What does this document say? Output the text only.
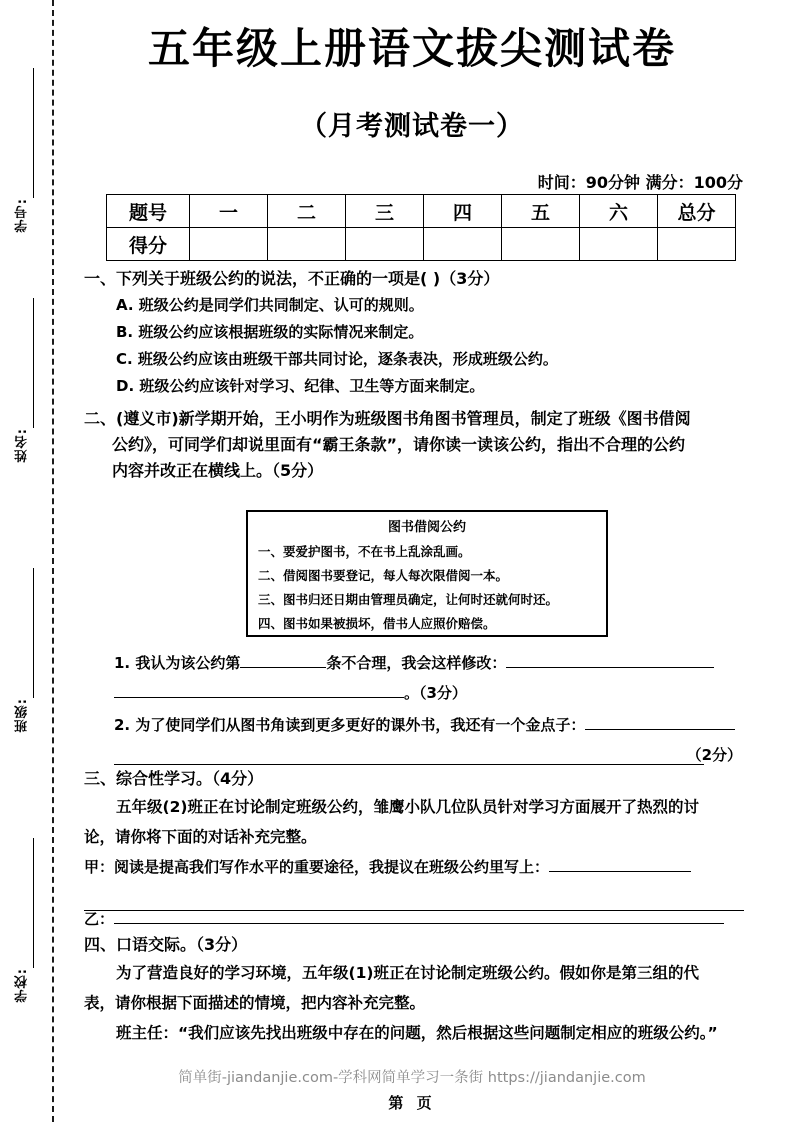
学号:
姓名:
班级:
学校:
五年级上册语文拔尖测试卷
（月考测试卷一）
时间：90分钟 满分：100分
题号	一	二	三	四	五	六	总分
得分							
一、下列关于班级公约的说法，不正确的一项是( )（3分）
A. 班级公约是同学们共同制定、认可的规则。
B. 班级公约应该根据班级的实际情况来制定。
C. 班级公约应该由班级干部共同讨论，逐条表决，形成班级公约。
D. 班级公约应该针对学习、纪律、卫生等方面来制定。
二、(遵义市)新学期开始，王小明作为班级图书角图书管理员，制定了班级《图书借阅
公约》，可同学们却说里面有“霸王条款”，请你读一读该公约，指出不合理的公约
内容并改正在横线上。（5分）
图书借阅公约
一、要爱护图书，不在书上乱涂乱画。
二、借阅图书要登记，每人每次限借阅一本。
三、图书归还日期由管理员确定，让何时还就何时还。
四、图书如果被损坏，借书人应照价赔偿。
1. 我认为该公约第	条不合理，我会这样修改：
。（3分）
2. 为了使同学们从图书角读到更多更好的课外书，我还有一个金点子：
（2分）
三、综合性学习。（4分）
五年级(2)班正在讨论制定班级公约，雏鹰小队几位队员针对学习方面展开了热烈的讨
论，请你将下面的对话补充完整。
甲：阅读是提高我们写作水平的重要途径，我提议在班级公约里写上：
乙：
四、口语交际。（3分）
为了营造良好的学习环境，五年级(1)班正在讨论制定班级公约。假如你是第三组的代
表，请你根据下面描述的情境，把内容补充完整。
班主任：“我们应该先找出班级中存在的问题，然后根据这些问题制定相应的班级公约。”
简单街-jiandanjie.com-学科网简单学习一条街 https://jiandanjie.com
第 页
